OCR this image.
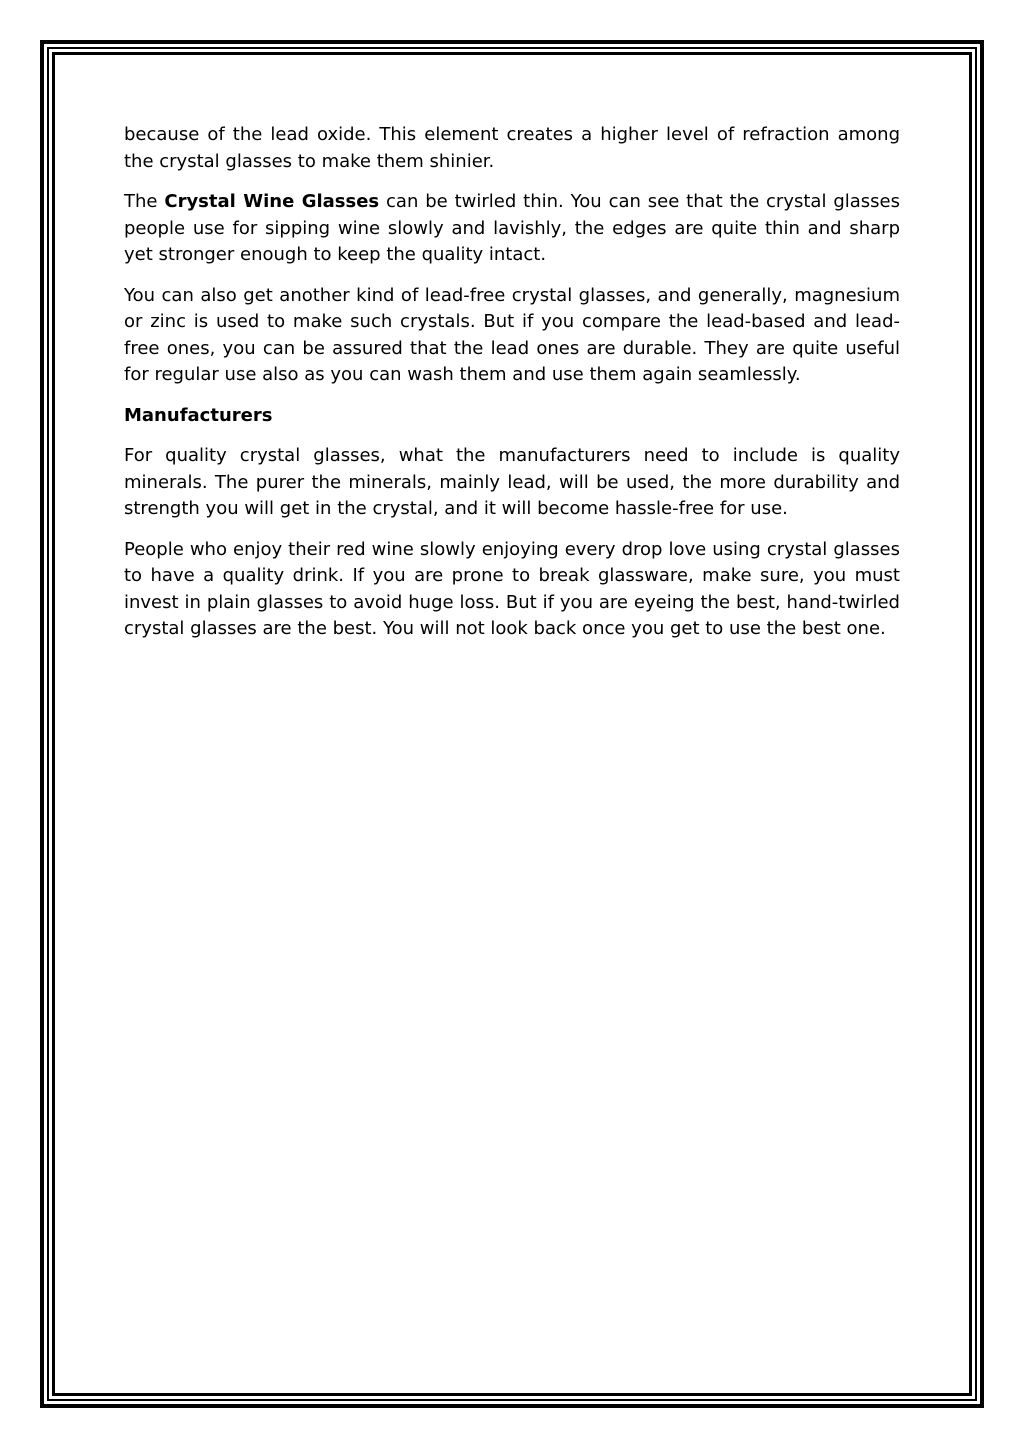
because of the lead oxide. This element creates a higher level of refraction among the crystal glasses to make them shinier.

The Crystal Wine Glasses can be twirled thin. You can see that the crystal glasses people use for sipping wine slowly and lavishly, the edges are quite thin and sharp yet stronger enough to keep the quality intact.

You can also get another kind of lead-free crystal glasses, and generally, magnesium or zinc is used to make such crystals. But if you compare the lead-based and lead-free ones, you can be assured that the lead ones are durable. They are quite useful for regular use also as you can wash them and use them again seamlessly.

Manufacturers

For quality crystal glasses, what the manufacturers need to include is quality minerals. The purer the minerals, mainly lead, will be used, the more durability and strength you will get in the crystal, and it will become hassle-free for use.

People who enjoy their red wine slowly enjoying every drop love using crystal glasses to have a quality drink. If you are prone to break glassware, make sure, you must invest in plain glasses to avoid huge loss. But if you are eyeing the best, hand-twirled crystal glasses are the best. You will not look back once you get to use the best one.
